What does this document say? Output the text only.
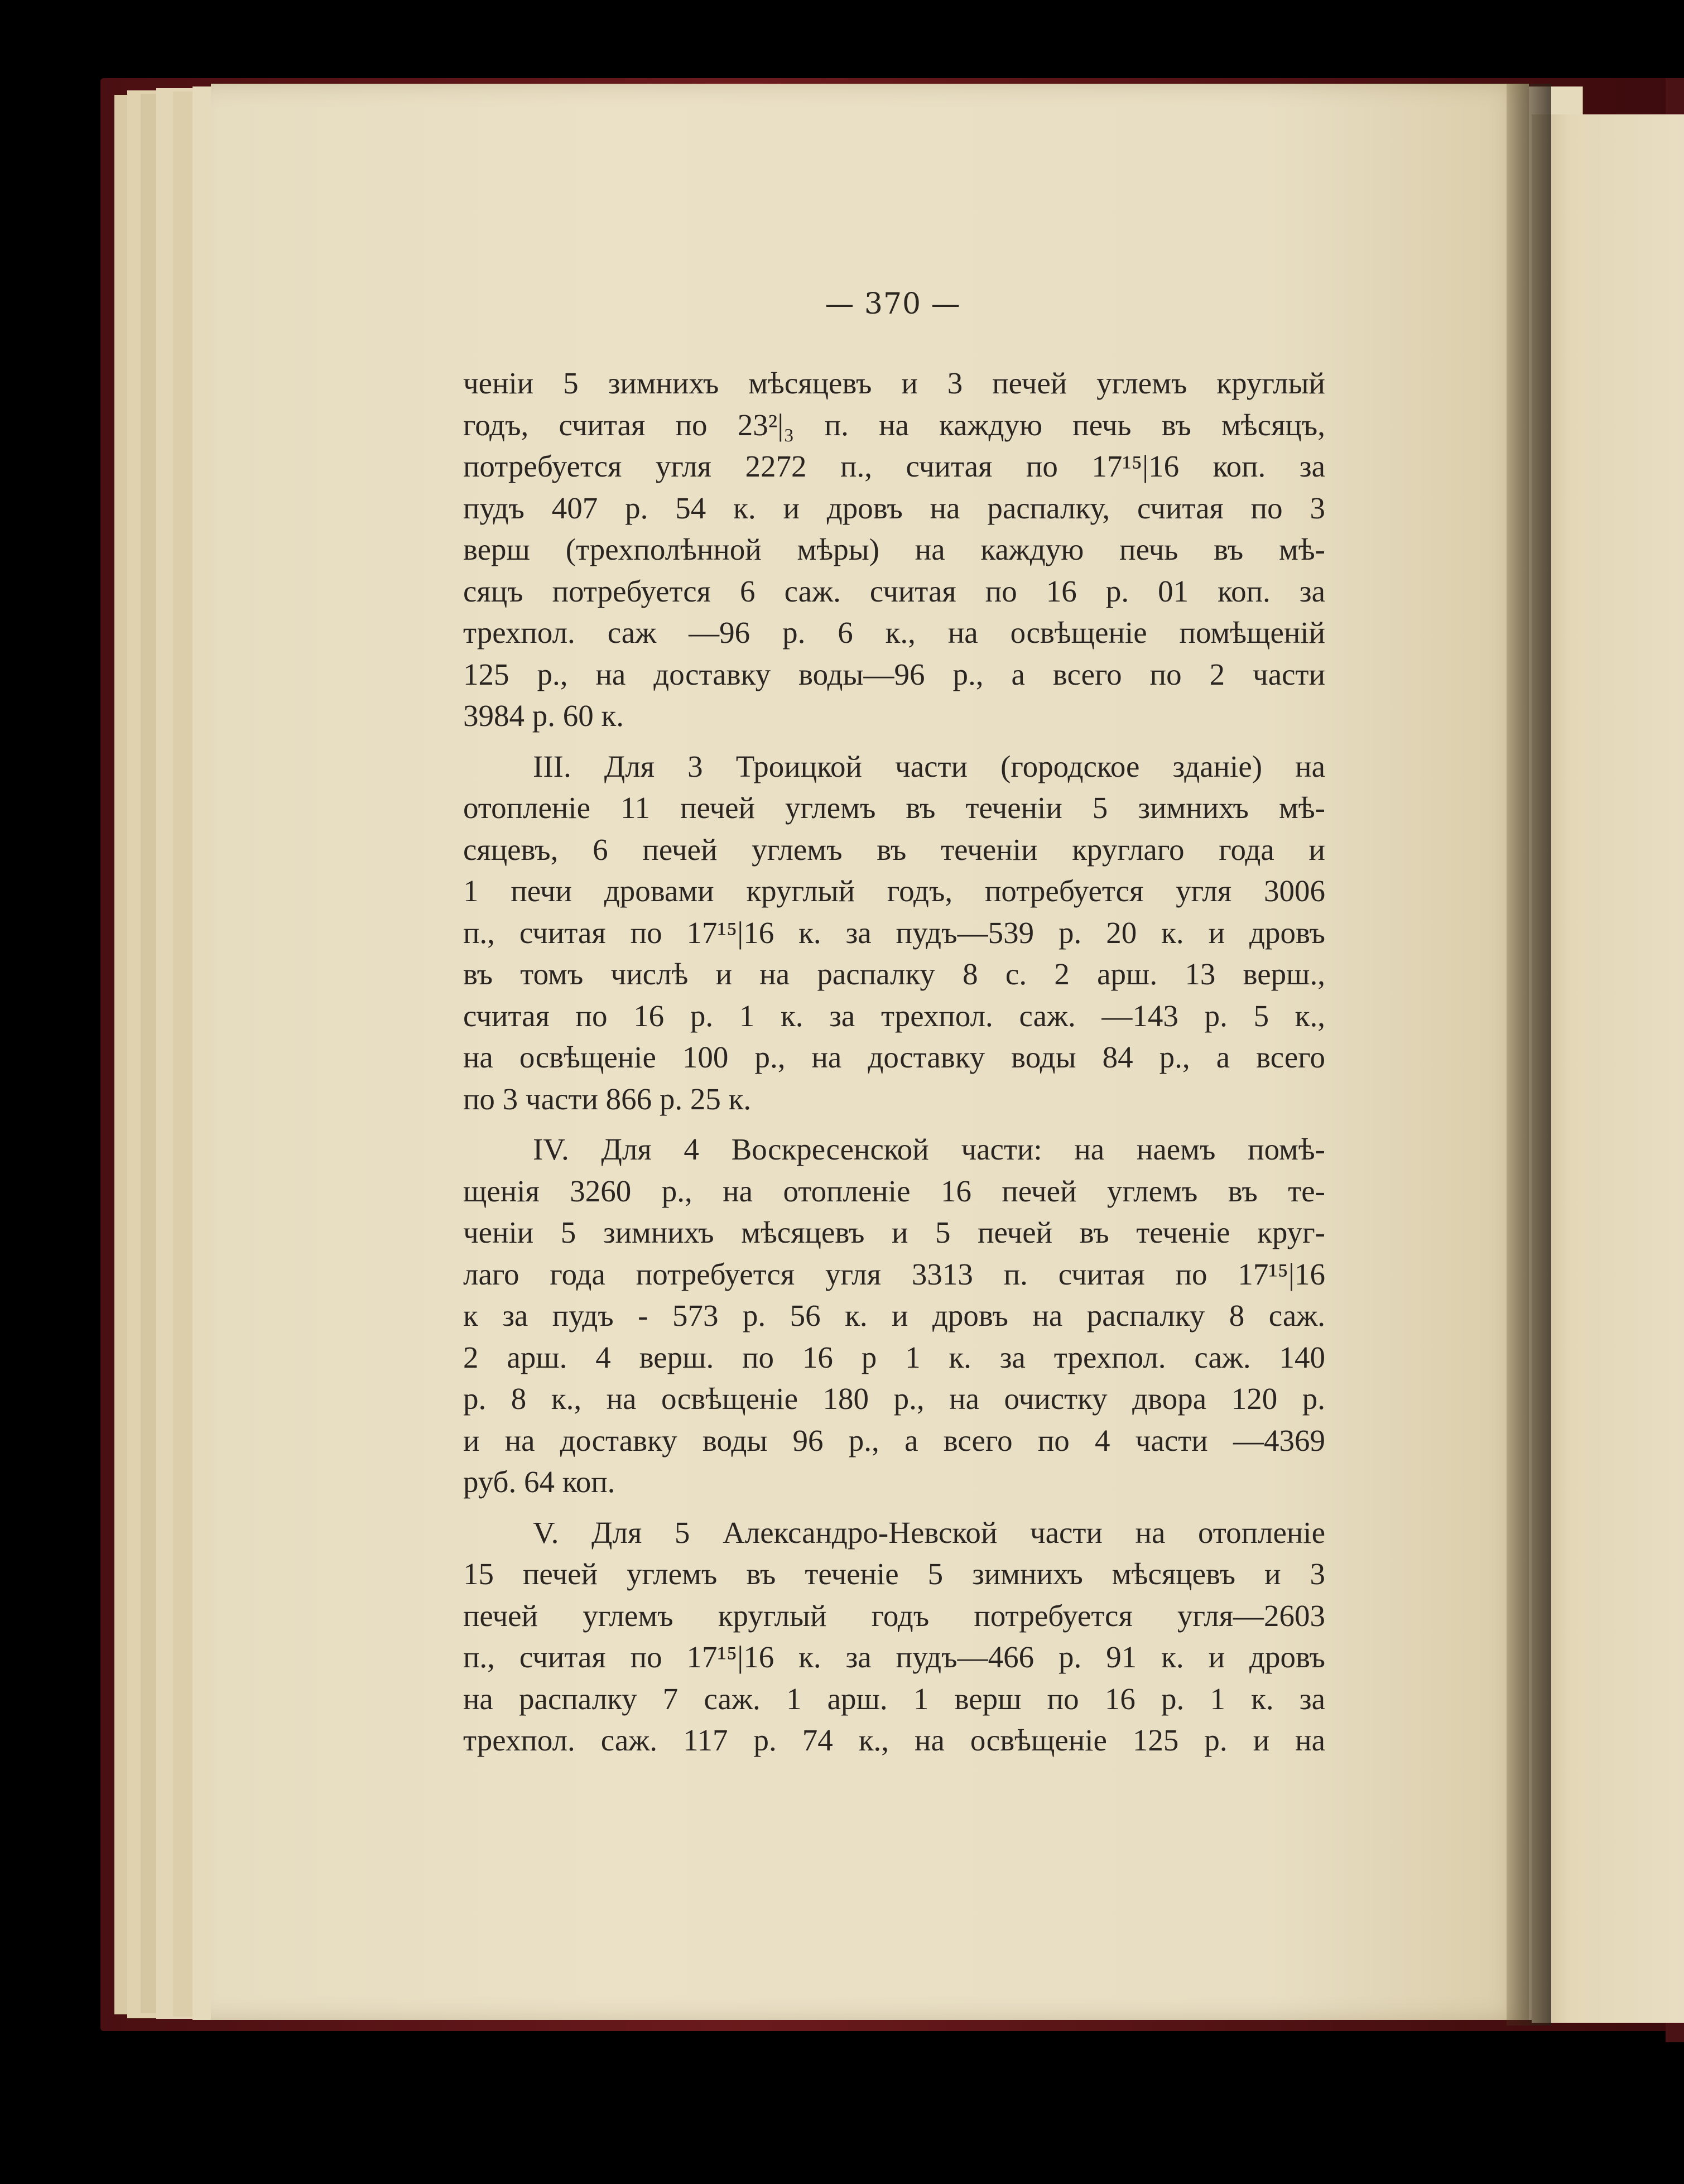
— 370 —
ченіи 5 зимнихъ мѣсяцевъ и 3 печей углемъ круглый
годъ, считая по 23²|₃ п. на каждую печь въ мѣсяцъ,
потребуется угля 2272 п., считая по 17¹⁵|16 коп. за
пудъ 407 р. 54 к. и дровъ на распалку, считая по 3
верш (трехполѣнной мѣры) на каждую печь въ мѣ-
сяцъ потребуется 6 саж. считая по 16 р. 01 коп. за
трехпол. саж —96 р. 6 к., на освѣщеніе помѣщеній
125 р., на доставку воды—96 р., а всего по 2 части
3984 р. 60 к.
III. Для 3 Троицкой части (городское зданіе) на
отопленіе 11 печей углемъ въ теченіи 5 зимнихъ мѣ-
сяцевъ, 6 печей углемъ въ теченіи круглаго года и
1 печи дровами круглый годъ, потребуется угля 3006
п., считая по 17¹⁵|16 к. за пудъ—539 р. 20 к. и дровъ
въ томъ числѣ и на распалку 8 с. 2 арш. 13 верш.,
считая по 16 р. 1 к. за трехпол. саж. —143 р. 5 к.,
на освѣщеніе 100 р., на доставку воды 84 р., а всего
по 3 части 866 р. 25 к.
IV. Для 4 Воскресенской части: на наемъ помѣ-
щенія 3260 р., на отопленіе 16 печей углемъ въ те-
ченіи 5 зимнихъ мѣсяцевъ и 5 печей въ теченіе круг-
лаго года потребуется угля 3313 п. считая по 17¹⁵|16
к за пудъ - 573 р. 56 к. и дровъ на распалку 8 саж.
2 арш. 4 верш. по 16 р 1 к. за трехпол. саж. 140
р. 8 к., на освѣщеніе 180 р., на очистку двора 120 р.
и на доставку воды 96 р., а всего по 4 части —4369
руб. 64 коп.
V. Для 5 Александро-Невской части на отопленіе
15 печей углемъ въ теченіе 5 зимнихъ мѣсяцевъ и 3
печей углемъ круглый годъ потребуется угля—2603
п., считая по 17¹⁵|16 к. за пудъ—466 р. 91 к. и дровъ
на распалку 7 саж. 1 арш. 1 верш по 16 р. 1 к. за
трехпол. саж. 117 р. 74 к., на освѣщеніе 125 р. и на
